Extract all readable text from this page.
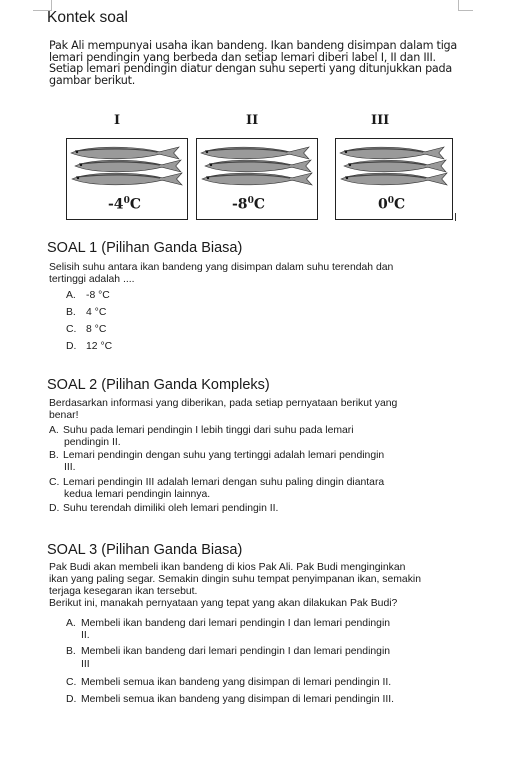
Kontek soal
Pak Ali mempunyai usaha ikan bandeng. Ikan bandeng disimpan dalam tiga lemari pendingin yang berbeda dan setiap lemari diberi label I, II dan III. Setiap lemari pendingin diatur dengan suhu seperti yang ditunjukkan pada gambar berikut.
I	II	III
$-4^0C$	$-8^0C$	$0^0C$
SOAL 1 (Pilihan Ganda Biasa)
Selisih suhu antara ikan bandeng yang disimpan dalam suhu terendah dan
tertinggi adalah ....
A. -8 °C
B. 4 °C
C. 8 °C
D. 12 °C
SOAL 2 (Pilihan Ganda Kompleks)
Berdasarkan informasi yang diberikan, pada setiap pernyataan berikut yang
benar!
A. Suhu pada lemari pendingin I lebih tinggi dari suhu pada lemari
pendingin II.
B. Lemari pendingin dengan suhu yang tertinggi adalah lemari pendingin
III.
C. Lemari pendingin III adalah lemari dengan suhu paling dingin diantara
kedua lemari pendingin lainnya.
D. Suhu terendah dimiliki oleh lemari pendingin II.
SOAL 3 (Pilihan Ganda Biasa)
Pak Budi akan membeli ikan bandeng di kios Pak Ali. Pak Budi menginginkan
ikan yang paling segar. Semakin dingin suhu tempat penyimpanan ikan, semakin
terjaga kesegaran ikan tersebut.
Berikut ini, manakah pernyataan yang tepat yang akan dilakukan Pak Budi?
A. Membeli ikan bandeng dari lemari pendingin I dan lemari pendingin
II.
B. Membeli ikan bandeng dari lemari pendingin I dan lemari pendingin
III
C. Membeli semua ikan bandeng yang disimpan di lemari pendingin II.
D. Membeli semua ikan bandeng yang disimpan di lemari pendingin III.
